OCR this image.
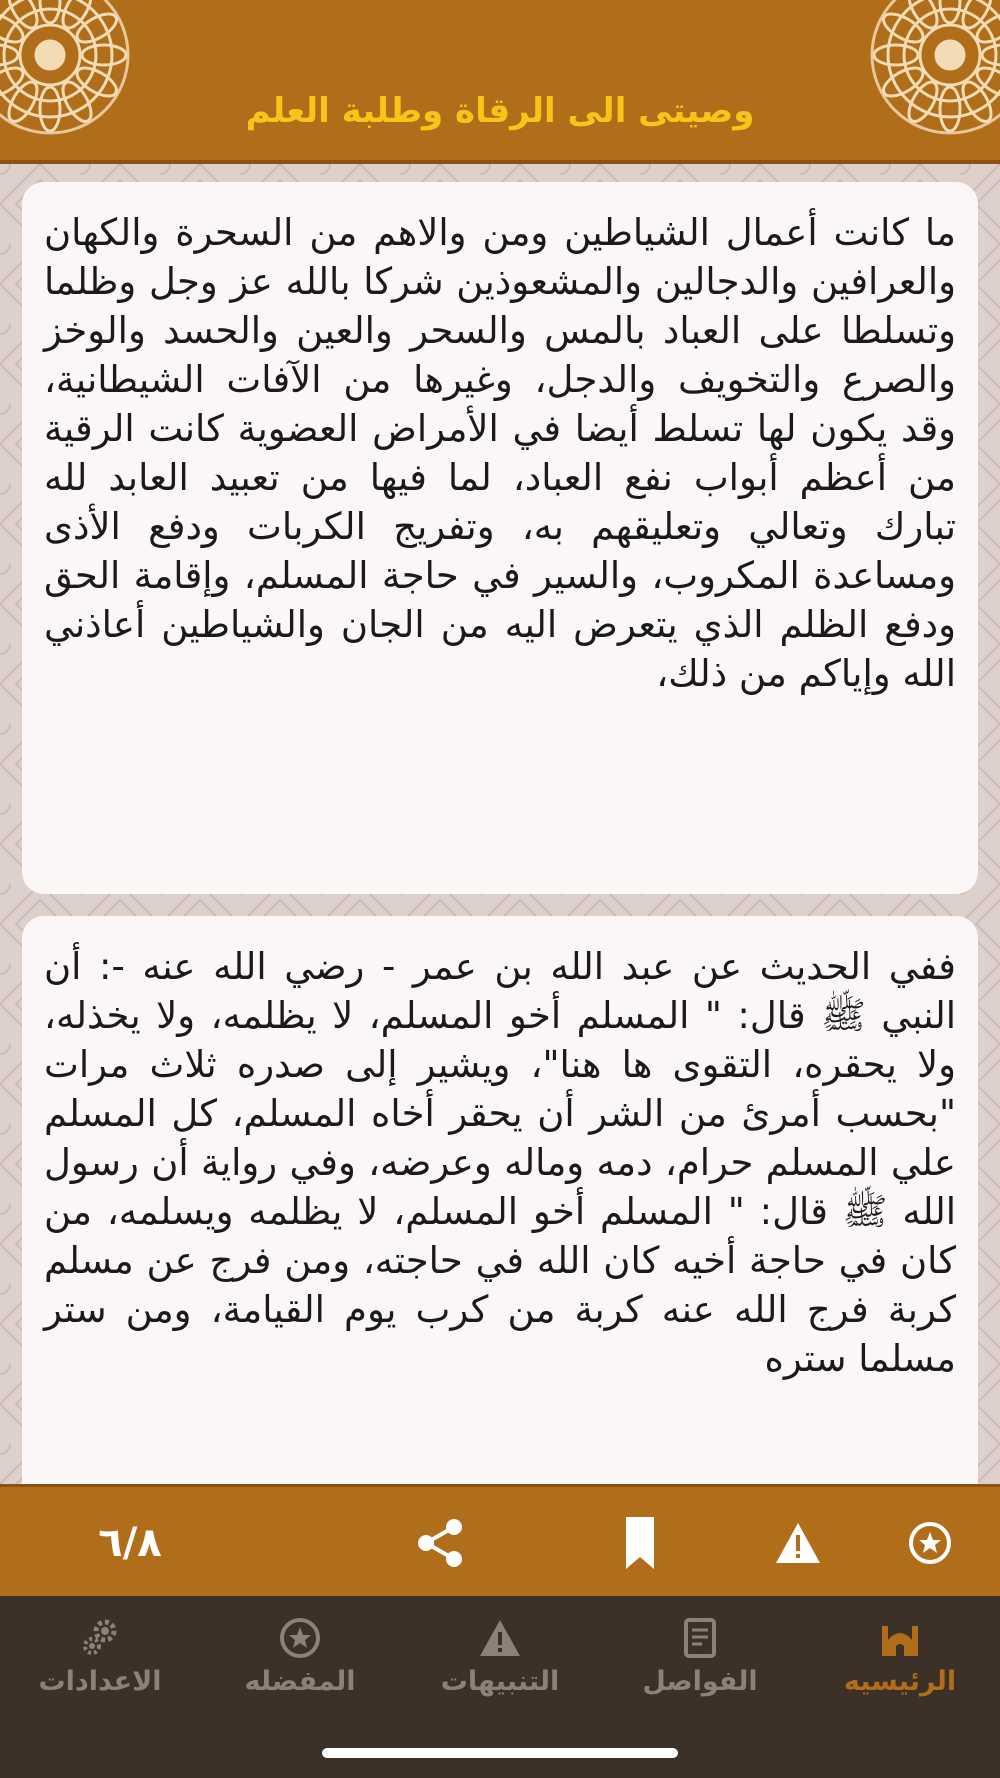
وصيتى الى الرقاة وطلبة العلم
ما كانت أعمال الشياطين ومن والاهم من السحرة والكهان والعرافين والدجالين والمشعوذين شركا بالله عز وجل وظلما وتسلطا على العباد بالمس والسحر والعين والحسد والوخز والصرع والتخويف والدجل، وغيرها من الآفات الشيطانية، وقد يكون لها تسلط أيضا في الأمراض العضوية كانت الرقية من أعظم أبواب نفع العباد، لما فيها من تعبيد العابد لله تبارك وتعالي وتعليقهم به، وتفريج الكربات ودفع الأذى ومساعدة المكروب، والسير في حاجة المسلم، وإقامة الحق ودفع الظلم الذي يتعرض اليه من الجان والشياطين أعاذني الله وإياكم من ذلك،
ففي الحديث عن عبد الله بن عمر - رضي الله عنه -: أن النبي ﷺ قال: " المسلم أخو المسلم، لا يظلمه، ولا يخذله، ولا يحقره، التقوى ها هنا"، ويشير إلى صدره ثلاث مرات "بحسب أمرئ من الشر أن يحقر أخاه المسلم، كل المسلم علي المسلم حرام، دمه وماله وعرضه، وفي رواية أن رسول الله ﷺ قال: " المسلم أخو المسلم، لا يظلمه ويسلمه، من كان في حاجة أخيه كان الله في حاجته، ومن فرج عن مسلم كربة فرج الله عنه كربة من كرب يوم القيامة، ومن ستر مسلما ستره
٦/٨
الرئيسيه
الفواصل
التنبيهات
المفضله
الاعدادات
